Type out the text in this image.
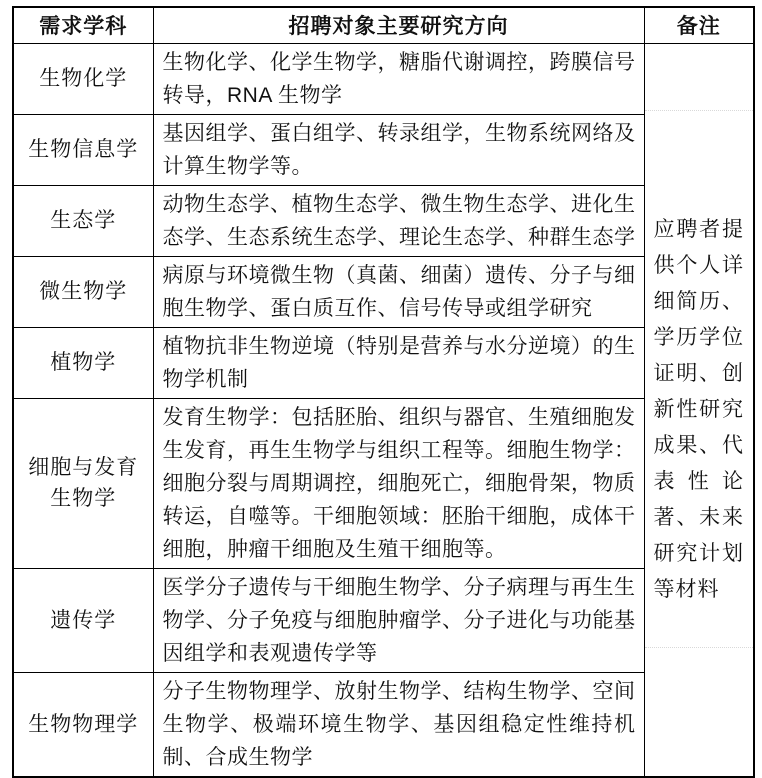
需求学科	招聘对象主要研究方向	备注
生物化学	生物化学、化学生物学，糖脂代谢调控，跨膜信号转导，RNA 生物学	应聘者提供个人详细简历、学历学位证明、创新性研究成果、代表性论著、未来研究计划等材料

生物信息学	基因组学、蛋白组学、转录组学，生物系统网络及计算生物学等。	
生态学	动物生态学、植物生态学、微生物生态学、进化生态学、生态系统生态学、理论生态学、种群生态学	
微生物学	病原与环境微生物（真菌、细菌）遗传、分子与细胞生物学、蛋白质互作、信号传导或组学研究	
植物学	植物抗非生物逆境（特别是营养与水分逆境）的生物学机制	
细胞与发育生物学	发育生物学：包括胚胎、组织与器官、生殖细胞发生发育，再生生物学与组织工程等。细胞生物学：细胞分裂与周期调控，细胞死亡，细胞骨架，物质转运，自噬等。干细胞领域：胚胎干细胞，成体干细胞，肿瘤干细胞及生殖干细胞等。	
遗传学	医学分子遗传与干细胞生物学、分子病理与再生生物学、分子免疫与细胞肿瘤学、分子进化与功能基因组学和表观遗传学等	
生物物理学	分子生物物理学、放射生物学、结构生物学、空间生物学、极端环境生物学、基因组稳定性维持机制、合成生物学	
